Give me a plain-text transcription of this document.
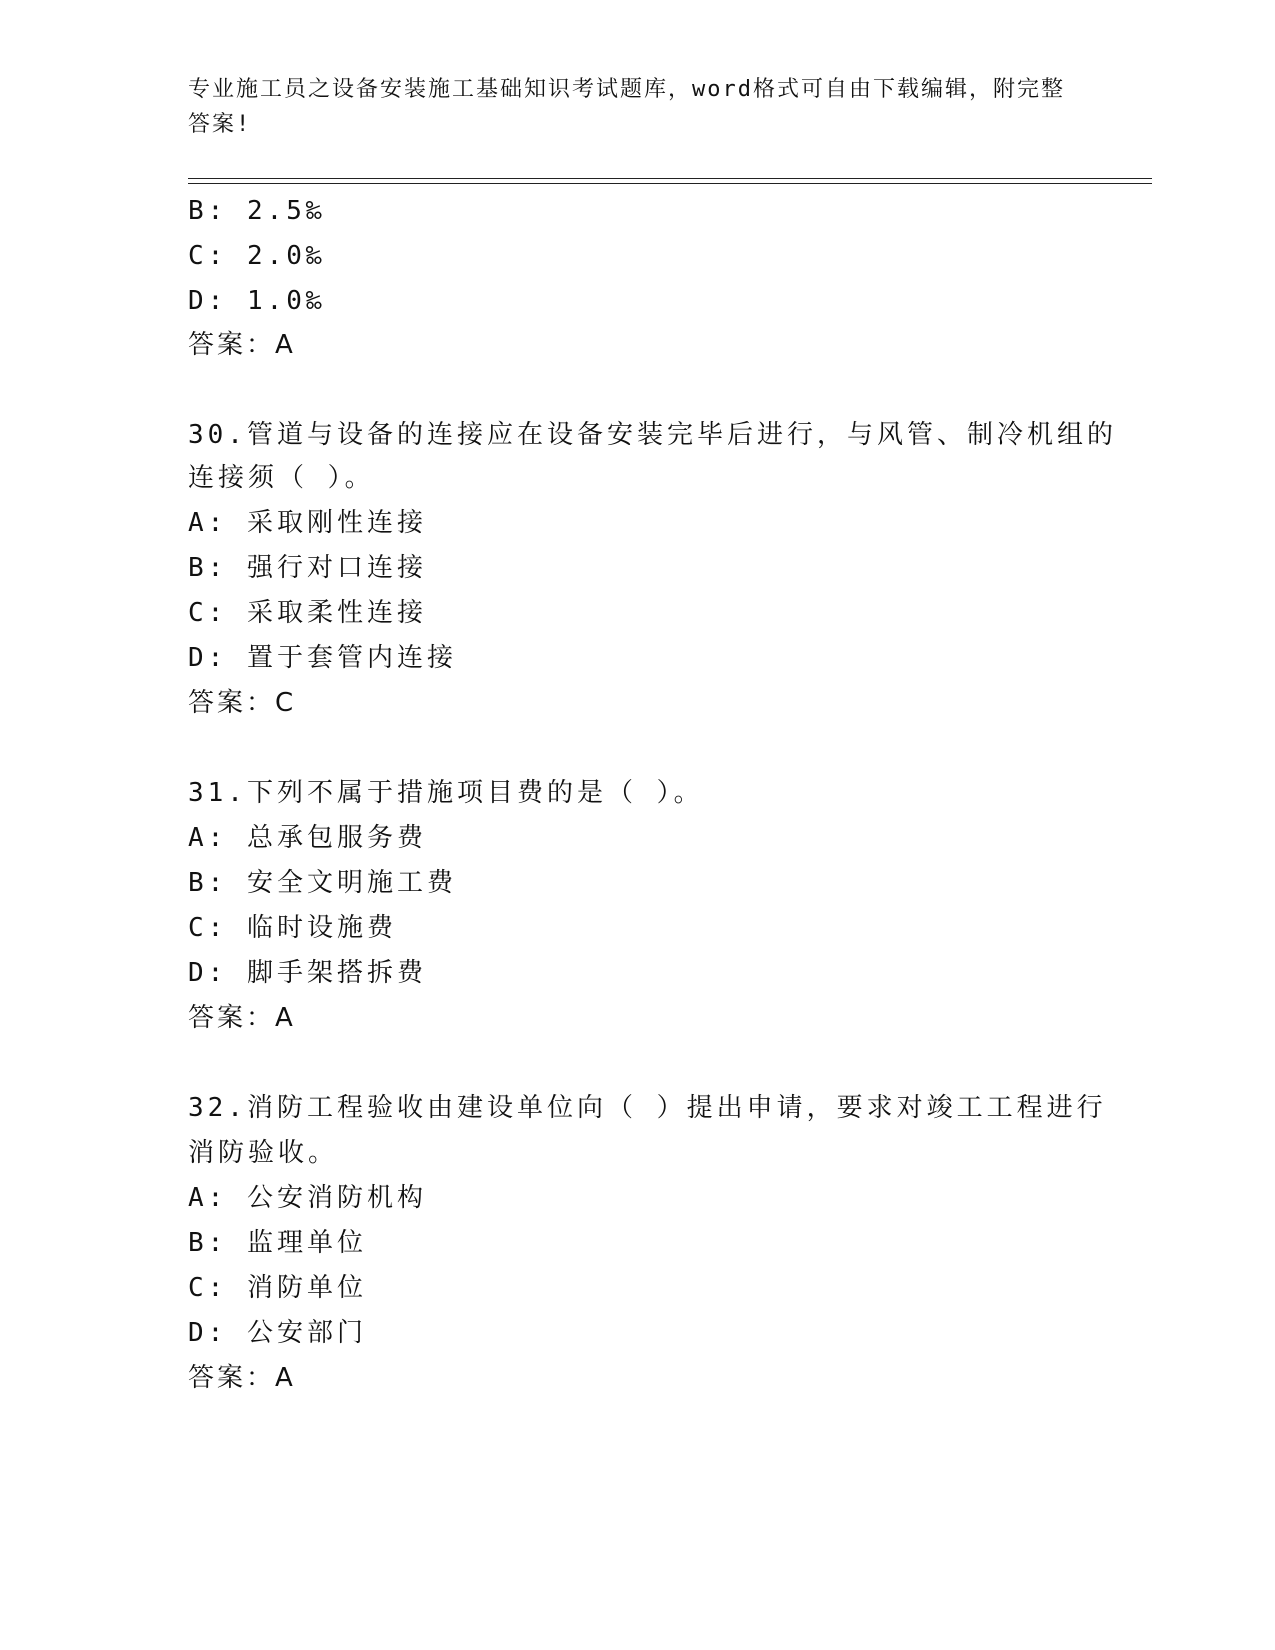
专业施工员之设备安装施工基础知识考试题库，word格式可自由下载编辑，附完整答案!
B: 2.5‰
C: 2.0‰
D: 1.0‰
答案：A
30.管道与设备的连接应在设备安装完毕后进行，与风管、制冷机组的
连接须（ ）。
A: 采取刚性连接
B: 强行对口连接
C: 采取柔性连接
D: 置于套管内连接
答案：C
31.下列不属于措施项目费的是（ ）。
A: 总承包服务费
B: 安全文明施工费
C: 临时设施费
D: 脚手架搭拆费
答案：A
32.消防工程验收由建设单位向（ ）提出申请，要求对竣工工程进行
消防验收。
A: 公安消防机构
B: 监理单位
C: 消防单位
D: 公安部门
答案：A
